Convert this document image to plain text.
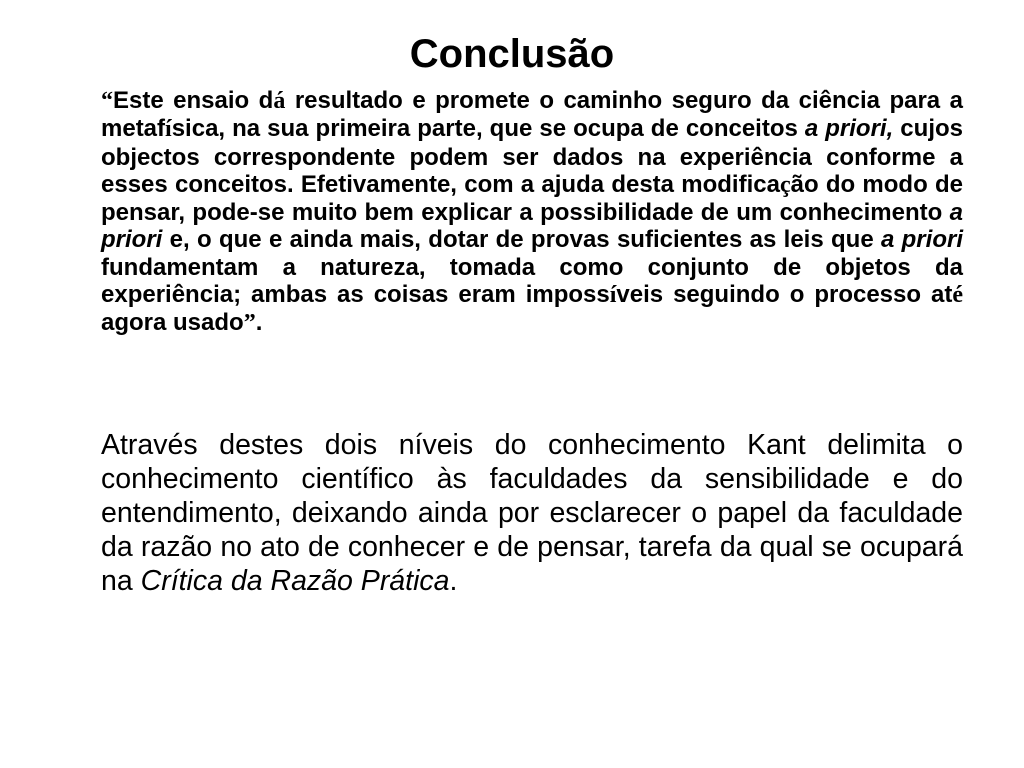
Conclusão

“Este ensaio dá resultado e promete o caminho seguro da ciência para a metafísica, na sua primeira parte, que se ocupa de conceitos a priori, cujos objectos correspondente podem ser dados na experiência conforme a esses conceitos. Efetivamente, com a ajuda desta modificação do modo de pensar, pode-se muito bem explicar a possibilidade de um conhecimento a priori e, o que e ainda mais, dotar de provas suficientes as leis que a priori fundamentam a natureza, tomada como conjunto de objetos da experiência; ambas as coisas eram impossíveis seguindo o processo até agora usado”.

Através destes dois níveis do conhecimento Kant delimita o conhecimento científico às faculdades da sensibilidade e do entendimento, deixando ainda por esclarecer o papel da faculdade da razão no ato de conhecer e de pensar, tarefa da qual se ocupará na Crítica da Razão Prática.
